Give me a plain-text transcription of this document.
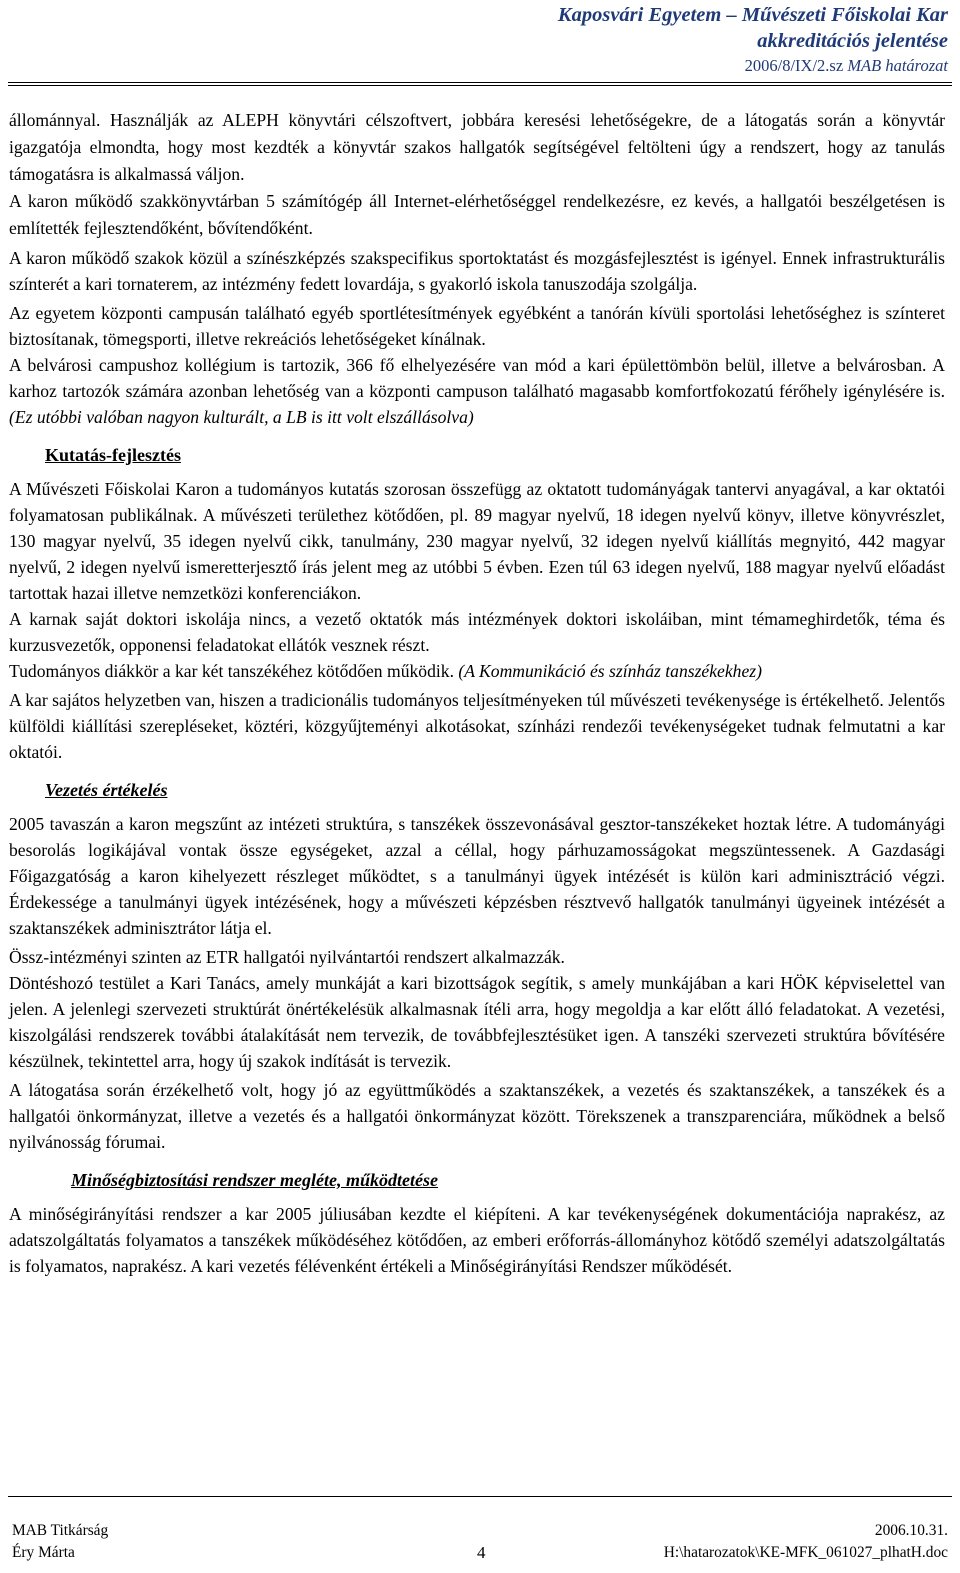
Kaposvári Egyetem – Művészeti Főiskolai Kar
akkreditációs jelentése
2006/8/IX/2.sz MAB határozat

állománnyal. Használják az ALEPH könyvtári célszoftvert, jobbára keresési lehetőségekre, de a látogatás során a könyvtár igazgatója elmondta, hogy most kezdték a könyvtár szakos hallgatók segítségével feltölteni úgy a rendszert, hogy az tanulás támogatásra is alkalmassá váljon.

A karon működő szakkönyvtárban 5 számítógép áll Internet-elérhetőséggel rendelkezésre, ez kevés, a hallgatói beszélgetésen is említették fejlesztendőként, bővítendőként.

A karon működő szakok közül a színészképzés szakspecifikus sportoktatást és mozgásfejlesztést is igényel. Ennek infrastrukturális színterét a kari tornaterem, az intézmény fedett lovardája, s gyakorló iskola tanuszodája szolgálja.

Az egyetem központi campusán található egyéb sportlétesítmények egyébként a tanórán kívüli sportolási lehetőséghez is színteret biztosítanak, tömegsporti, illetve rekreációs lehetőségeket kínálnak.

A belvárosi campushoz kollégium is tartozik, 366 fő elhelyezésére van mód a kari épülettömbön belül, illetve a belvárosban. A karhoz tartozók számára azonban lehetőség van a központi campuson található magasabb komfortfokozatú férőhely igénylésére is. (Ez utóbbi valóban nagyon kulturált, a LB is itt volt elszállásolva)

Kutatás-fejlesztés

A Művészeti Főiskolai Karon a tudományos kutatás szorosan összefügg az oktatott tudományágak tantervi anyagával, a kar oktatói folyamatosan publikálnak. A művészeti területhez kötődően, pl. 89 magyar nyelvű, 18 idegen nyelvű könyv, illetve könyvrészlet, 130 magyar nyelvű, 35 idegen nyelvű cikk, tanulmány, 230 magyar nyelvű, 32 idegen nyelvű kiállítás megnyitó, 442 magyar nyelvű, 2 idegen nyelvű ismeretterjesztő írás jelent meg az utóbbi 5 évben. Ezen túl 63 idegen nyelvű, 188 magyar nyelvű előadást tartottak hazai illetve nemzetközi konferenciákon.

A karnak saját doktori iskolája nincs, a vezető oktatók más intézmények doktori iskoláiban, mint témameghirdetők, téma és kurzusvezetők, opponensi feladatokat ellátók vesznek részt.

Tudományos diákkör a kar két tanszékéhez kötődően működik. (A Kommunikáció és színház tanszékekhez)

A kar sajátos helyzetben van, hiszen a tradicionális tudományos teljesítményeken túl művészeti tevékenysége is értékelhető. Jelentős külföldi kiállítási szerepléseket, köztéri, közgyűjteményi alkotásokat, színházi rendezői tevékenységeket tudnak felmutatni a kar oktatói.

Vezetés értékelés

2005 tavaszán a karon megszűnt az intézeti struktúra, s tanszékek összevonásával gesztor-tanszékeket hoztak létre. A tudományági besorolás logikájával vontak össze egységeket, azzal a céllal, hogy párhuzamosságokat megszüntessenek. A Gazdasági Főigazgatóság a karon kihelyezett részleget működtet, s a tanulmányi ügyek intézését is külön kari adminisztráció végzi. Érdekessége a tanulmányi ügyek intézésének, hogy a művészeti képzésben résztvevő hallgatók tanulmányi ügyeinek intézését a szaktanszékek adminisztrátor látja el.

Össz-intézményi szinten az ETR hallgatói nyilvántartói rendszert alkalmazzák.

Döntéshozó testület a Kari Tanács, amely munkáját a kari bizottságok segítik, s amely munkájában a kari HÖK képviselettel van jelen. A jelenlegi szervezeti struktúrát önértékelésük alkalmasnak ítéli arra, hogy megoldja a kar előtt álló feladatokat. A vezetési, kiszolgálási rendszerek további átalakítását nem tervezik, de továbbfejlesztésüket igen. A tanszéki szervezeti struktúra bővítésére készülnek, tekintettel arra, hogy új szakok indítását is tervezik.

A látogatása során érzékelhető volt, hogy jó az együttműködés a szaktanszékek, a vezetés és szaktanszékek, a tanszékek és a hallgatói önkormányzat, illetve a vezetés és a hallgatói önkormányzat között. Törekszenek a transzparenciára, működnek a belső nyilvánosság fórumai.

Minőségbiztosítási rendszer megléte, működtetése

A minőségirányítási rendszer a kar 2005 júliusában kezdte el kiépíteni. A kar tevékenységének dokumentációja naprakész, az adatszolgáltatás folyamatos a tanszékek működéséhez kötődően, az emberi erőforrás-állományhoz kötődő személyi adatszolgáltatás is folyamatos, naprakész. A kari vezetés félévenként értékeli a Minőségirányítási Rendszer működését.

MAB Titkárság	2006.10.31.
Éry Márta	4	H:\hatarozatok\KE-MFK_061027_plhatH.doc
